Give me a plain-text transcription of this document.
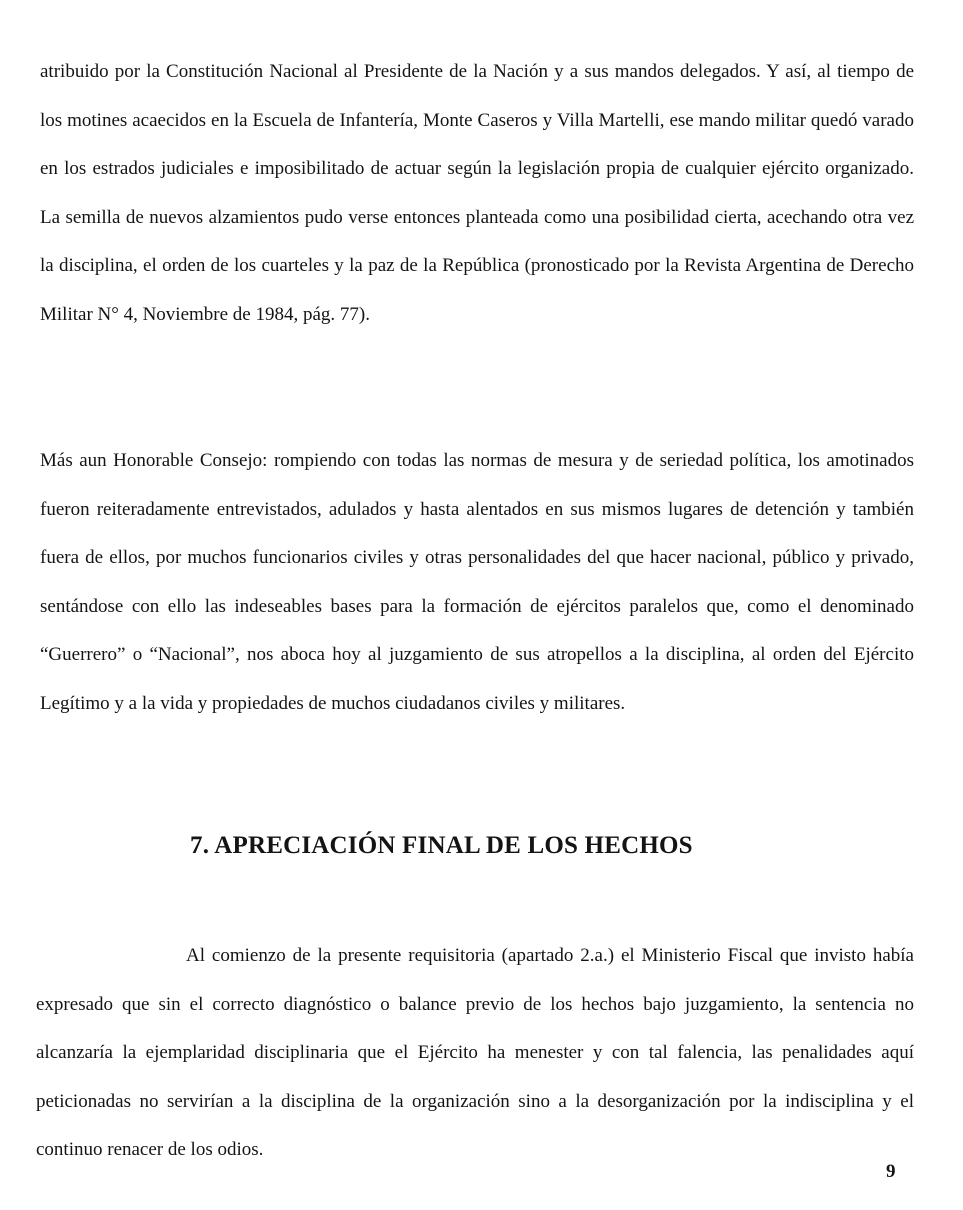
atribuido por la Constitución Nacional al Presidente de la Nación y a sus mandos delegados. Y así, al tiempo de los motines acaecidos en la Escuela de Infantería, Monte Caseros y Villa Martelli, ese mando militar quedó varado en los estrados judiciales e imposibilitado de actuar según la legislación propia de cualquier ejército organizado. La semilla de nuevos alzamientos pudo verse entonces planteada como una posibilidad cierta, acechando otra vez la disciplina, el orden de los cuarteles y la paz de la República (pronosticado por la Revista Argentina de Derecho Militar N° 4, Noviembre de 1984, pág. 77).

Más aun Honorable Consejo: rompiendo con todas las normas de mesura y de seriedad política, los amotinados fueron reiteradamente entrevistados, adulados y hasta alentados en sus mismos lugares de detención y también fuera de ellos, por muchos funcionarios civiles y otras personalidades del que hacer nacional, público y privado, sentándose con ello las indeseables bases para la formación de ejércitos paralelos que, como el denominado “Guerrero” o “Nacional”, nos aboca hoy al juzgamiento de sus atropellos a la disciplina, al orden del Ejército Legítimo y a la vida y propiedades de muchos ciudadanos civiles y militares.

7. APRECIACIÓN FINAL DE LOS HECHOS

Al comienzo de la presente requisitoria (apartado 2.a.) el Ministerio Fiscal que invisto había expresado que sin el correcto diagnóstico o balance previo de los hechos bajo juzgamiento, la sentencia no alcanzaría la ejemplaridad disciplinaria que el Ejército ha menester y con tal falencia, las penalidades aquí peticionadas no servirían a la disciplina de la organización sino a la desorganización por la indisciplina y el continuo renacer de los odios.

9
